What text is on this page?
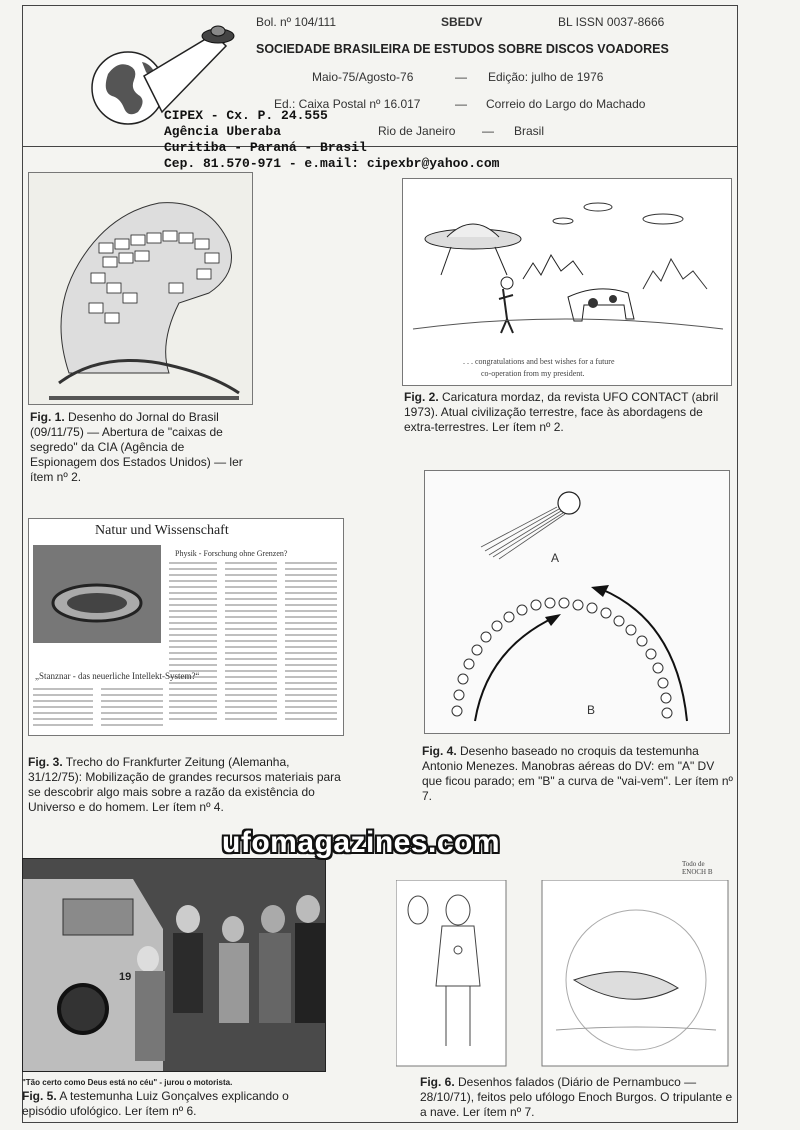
Bol. nº 104/111	SBEDV	BL ISSN 0037-8666
SOCIEDADE BRASILEIRA DE ESTUDOS SOBRE DISCOS VOADORES
Maio-75/Agosto-76	— Edição: julho de 1976
Ed.: Caixa Postal nº 16.017	— Correio do Largo do Machado
Rio de Janeiro — Brasil
CIPEX - Cx. P. 24.555
Agência Uberaba
Curitiba - Paraná - Brasil
Cep. 81.570-971 - e.mail: cipexbr@yahoo.com
Fig. 1. Desenho do Jornal do Brasil (09/11/75) — Abertura de "caixas de segredo" da CIA (Agência de Espionagem dos Estados Unidos) — ler ítem nº 2.
. . . congratulations and best wishes for a future
co-operation from my president.
Fig. 2. Caricatura mordaz, da revista UFO CONTACT (abril 1973). Atual civilização terrestre, face às abordagens de extra-terrestres. Ler ítem nº 2.
Natur und Wissenschaft
Physik - Forschung ohne Grenzen?
„Stanznar - das neuerliche Intellekt-System?“
Fig. 3. Trecho do Frankfurter Zeitung (Alemanha, 31/12/75): Mobilização de grandes recursos materiais para se descobrir algo mais sobre a razão da existência do Universo e do homem. Ler ítem nº 4.
A
B
Fig. 4. Desenho baseado no croquis da testemunha Antonio Menezes. Manobras aéreas do DV: em "A" DV que ficou parado; em "B" a curva de "vai-vem". Ler ítem nº 7.
19
"Tão certo como Deus está no céu" - jurou o motorista.
Fig. 5. A testemunha Luiz Gonçalves explicando o episódio ufológico. Ler ítem nº 6.
Todo de ENOCH B
Fig. 6. Desenhos falados (Diário de Pernambuco — 28/10/71), feitos pelo ufólogo Enoch Burgos. O tripulante e a nave. Ler ítem nº 7.
ufomagazines.com
